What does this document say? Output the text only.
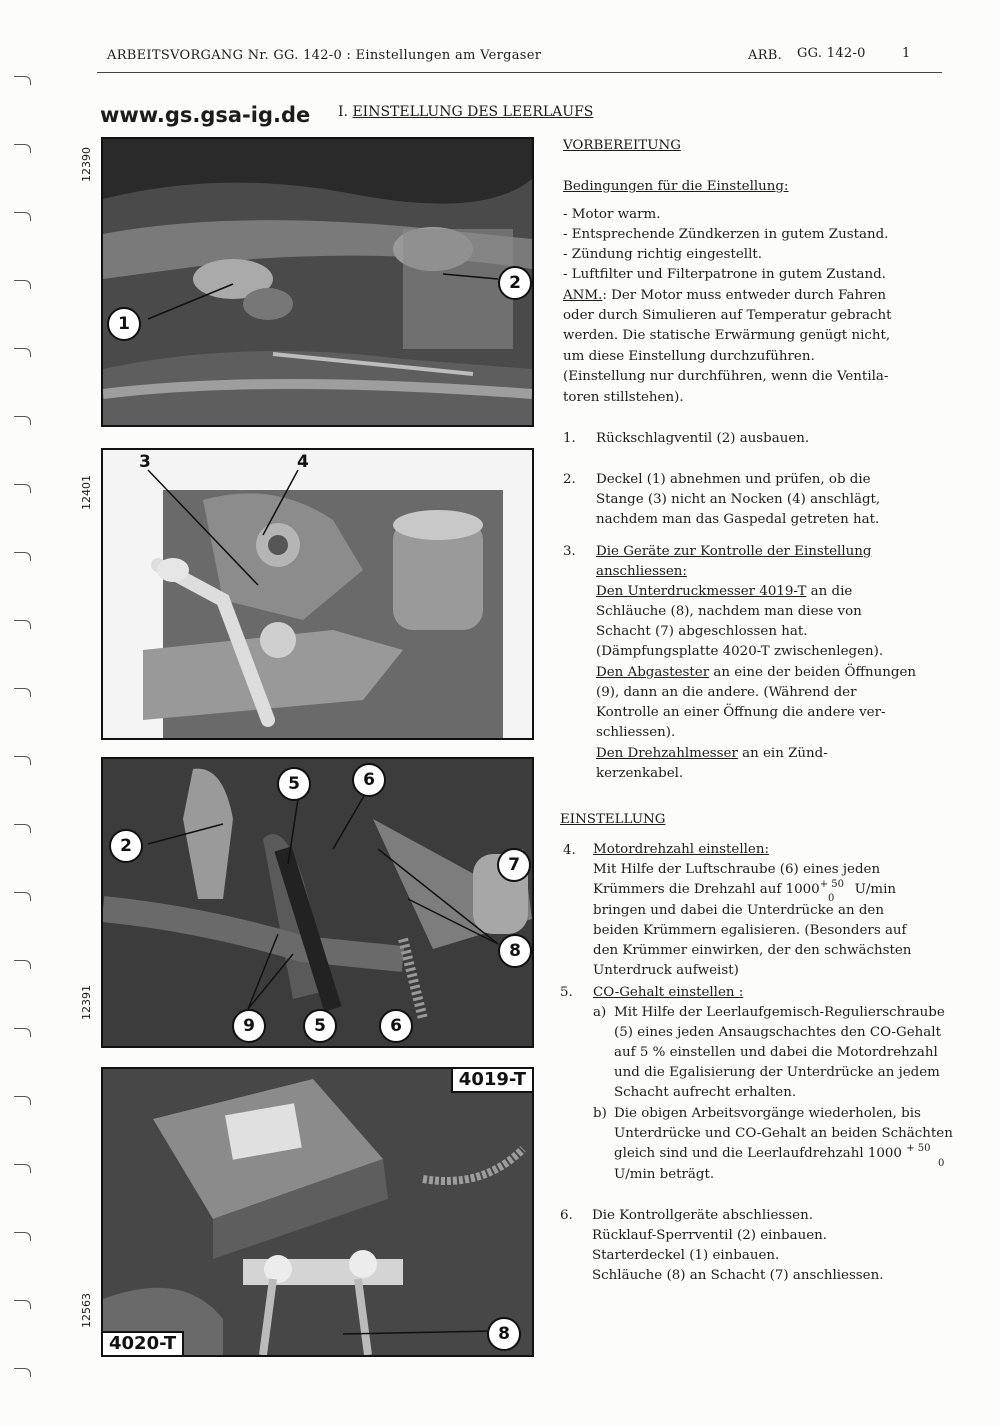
ARBEITSVORGANG Nr. GG. 142-0 : Einstellungen am Vergaser	ARB. GG. 142-0	1
www.gs.gsa-ig.de I. EINSTELLUNG DES LEERLAUFS
12390
1
2
12401
3	4
12391
5	6
2
7
8
9	5	6
12563
4019-T
4020-T	8
VORBEREITUNG
Bedingungen für die Einstellung:
- Motor warm.
- Entsprechende Zündkerzen in gutem Zustand.
- Zündung richtig eingestellt.
- Luftfilter und Filterpatrone in gutem Zustand.
ANM.: Der Motor muss entweder durch Fahren
oder durch Simulieren auf Temperatur gebracht
werden. Die statische Erwärmung genügt nicht,
um diese Einstellung durchzuführen.
(Einstellung nur durchführen, wenn die Ventila-
toren stillstehen).
1. Rückschlagventil (2) ausbauen.
2. Deckel (1) abnehmen und prüfen, ob die
Stange (3) nicht an Nocken (4) anschlägt,
nachdem man das Gaspedal getreten hat.
3. Die Geräte zur Kontrolle der Einstellung
anschliessen:
Den Unterdruckmesser 4019-T an die
Schläuche (8), nachdem man diese von
Schacht (7) abgeschlossen hat.
(Dämpfungsplatte 4020-T zwischenlegen).
Den Abgastester an eine der beiden Öffnungen
(9), dann an die andere. (Während der
Kontrolle an einer Öffnung die andere ver-
schliessen).
Den Drehzahlmesser an ein Zünd-
kerzenkabel.
EINSTELLUNG
4. Motordrehzahl einstellen:
Mit Hilfe der Luftschraube (6) eines jeden
Krümmers die Drehzahl auf $1000^{+ 50}_0$ U/min
bringen und dabei die Unterdrücke an den
beiden Krümmern egalisieren. (Besonders auf
den Krümmer einwirken, der den schwächsten
Unterdruck aufweist)
5. CO-Gehalt einstellen :
a) Mit Hilfe der Leerlaufgemisch-Regulierschraube
(5) eines jeden Ansaugschachtes den CO-Gehalt
auf 5 % einstellen und dabei die Motordrehzahl
und die Egalisierung der Unterdrücke an jedem
Schacht aufrecht erhalten.
b) Die obigen Arbeitsvorgänge wiederholen, bis
Unterdrücke und CO-Gehalt an beiden Schächten
gleich sind und die Leerlaufdrehzahl 1000 $^{+ 50}$
0
U/min beträgt.
6. Die Kontrollgeräte abschliessen.
Rücklauf-Sperrventil (2) einbauen.
Starterdeckel (1) einbauen.
Schläuche (8) an Schacht (7) anschliessen.
